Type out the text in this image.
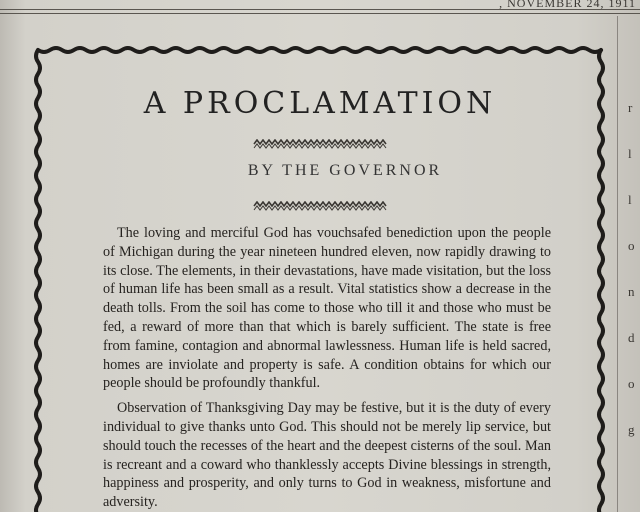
, NOVEMBER 24, 1911
r
l
l
o
n
d
o
g
A PROCLAMATION
BY THE GOVERNOR

The loving and merciful God has vouchsafed benediction upon the people of Michigan during the year nineteen hundred eleven, now rapidly drawing to its close. The elements, in their devastations, have made visitation, but the loss of human life has been small as a result. Vital statistics show a decrease in the death tolls. From the soil has come to those who till it and those who must be fed, a reward of more than that which is barely sufficient. The state is free from famine, contagion and abnormal lawlessness. Human life is held sacred, homes are inviolate and property is safe. A condition obtains for which our people should be profoundly thankful.

Observation of Thanksgiving Day may be festive, but it is the duty of every individual to give thanks unto God. This should not be merely lip service, but should touch the recesses of the heart and the deepest cisterns of the soul. Man is recreant and a coward who thanklessly accepts Divine blessings in strength, happiness and prosperity, and only turns to God in weakness, misfortune and adversity.
